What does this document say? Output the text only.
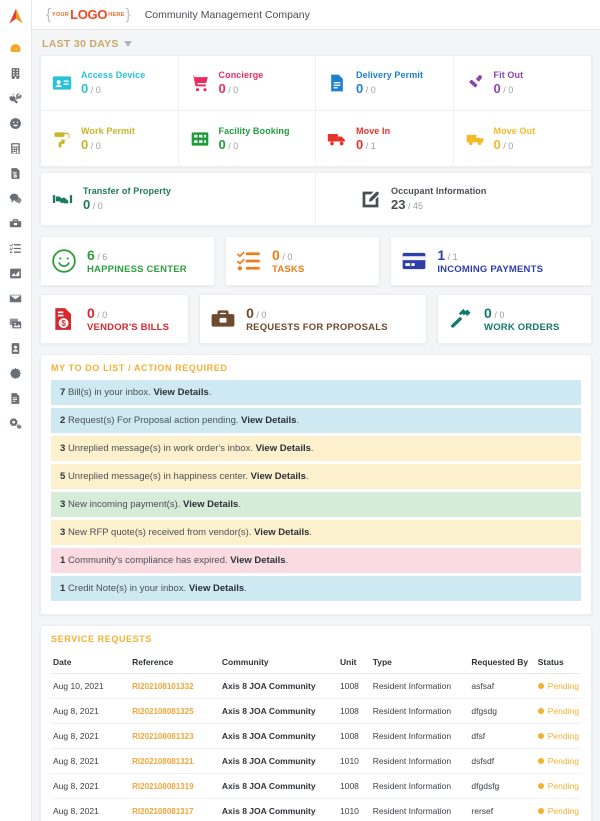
$
{ YOUR LOGO HERE } Community Management Company
LAST 30 DAYS
Access Device
0 / 0
Concierge
0 / 0
Delivery Permit
0 / 0
Fit Out
0 / 0
Work Permit
0 / 0
Facility Booking
0 / 0
Move In
0 / 1
Move Out
0 / 0
Transfer of Property
0 / 0
Occupant Information
23 / 45
6 / 6
HAPPINESS CENTER
0 / 0
TASKS
1 / 1
INCOMING PAYMENTS
$
0 / 0
VENDOR'S BILLS
0 / 0
REQUESTS FOR PROPOSALS
0 / 0
WORK ORDERS
MY TO DO LIST / ACTION REQUIRED
7 Bill(s) in your inbox. View Details.
2 Request(s) For Proposal action pending. View Details.
3 Unreplied message(s) in work order's inbox. View Details.
5 Unreplied message(s) in happiness center. View Details.
3 New incoming payment(s). View Details.
3 New RFP quote(s) received from vendor(s). View Details.
1 Community's compliance has expired. View Details.
1 Credit Note(s) in your inbox. View Details.
SERVICE REQUESTS
Date	Reference	Community	Unit	Type	Requested By	Status
Aug 10, 2021	RI202108101332	Axis 8 JOA Community	1008	Resident Information	asfsaf	Pending
Aug 8, 2021	RI202108081325	Axis 8 JOA Community	1008	Resident Information	dfgsdg	Pending
Aug 8, 2021	RI202108081323	Axis 8 JOA Community	1008	Resident Information	dfsf	Pending
Aug 8, 2021	RI202108081321	Axis 8 JOA Community	1010	Resident Information	dsfsdf	Pending
Aug 8, 2021	RI202108081319	Axis 8 JOA Community	1008	Resident Information	dfgdsfg	Pending
Aug 8, 2021	RI202108081317	Axis 8 JOA Community	1010	Resident Information	rersef	Pending
